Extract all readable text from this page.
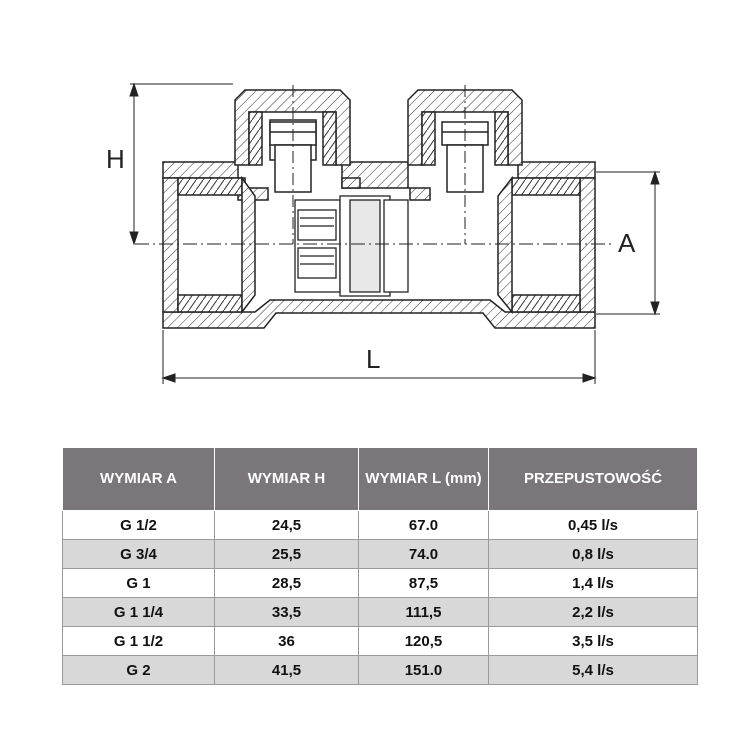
H
A
L
WYMIAR A	WYMIAR H	WYMIAR L (mm)	PRZEPUSTOWOŚĆ
G 1/2	24,5	67.0	0,45 l/s
G 3/4	25,5	74.0	0,8 l/s
G 1	28,5	87,5	1,4 l/s
G 1 1/4	33,5	111,5	2,2 l/s
G 1 1/2	36	120,5	3,5 l/s
G 2	41,5	151.0	5,4 l/s
